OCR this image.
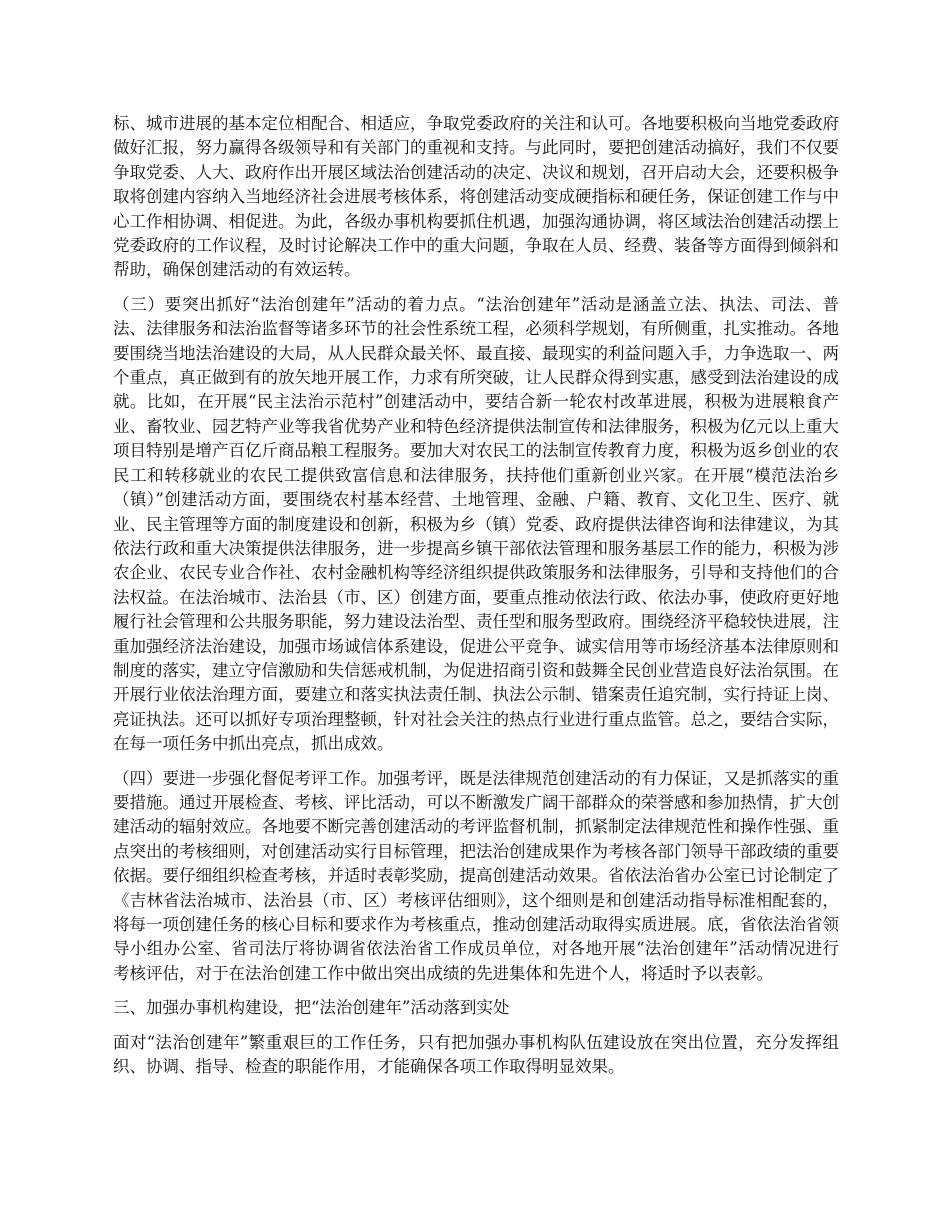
标、城市进展的基本定位相配合、相适应，争取党委政府的关注和认可。各地要积极向当地党委政府做好汇报，努力赢得各级领导和有关部门的重视和支持。与此同时，要把创建活动搞好，我们不仅要争取党委、人大、政府作出开展区域法治创建活动的决定、决议和规划，召开启动大会，还要积极争取将创建内容纳入当地经济社会进展考核体系，将创建活动变成硬指标和硬任务，保证创建工作与中心工作相协调、相促进。为此，各级办事机构要抓住机遇，加强沟通协调，将区域法治创建活动摆上党委政府的工作议程，及时讨论解决工作中的重大问题，争取在人员、经费、装备等方面得到倾斜和帮助，确保创建活动的有效运转。

（三）要突出抓好“法治创建年”活动的着力点。“法治创建年”活动是涵盖立法、执法、司法、普法、法律服务和法治监督等诸多环节的社会性系统工程，必须科学规划，有所侧重，扎实推动。各地要围绕当地法治建设的大局，从人民群众最关怀、最直接、最现实的利益问题入手，力争选取一、两个重点，真正做到有的放矢地开展工作，力求有所突破，让人民群众得到实惠，感受到法治建设的成就。比如，在开展“民主法治示范村”创建活动中，要结合新一轮农村改革进展，积极为进展粮食产业、畜牧业、园艺特产业等我省优势产业和特色经济提供法制宣传和法律服务，积极为亿元以上重大项目特别是增产百亿斤商品粮工程服务。要加大对农民工的法制宣传教育力度，积极为返乡创业的农民工和转移就业的农民工提供致富信息和法律服务，扶持他们重新创业兴家。在开展“模范法治乡（镇）”创建活动方面，要围绕农村基本经营、土地管理、金融、户籍、教育、文化卫生、医疗、就业、民主管理等方面的制度建设和创新，积极为乡（镇）党委、政府提供法律咨询和法律建议，为其依法行政和重大决策提供法律服务，进一步提高乡镇干部依法管理和服务基层工作的能力，积极为涉农企业、农民专业合作社、农村金融机构等经济组织提供政策服务和法律服务，引导和支持他们的合法权益。在法治城市、法治县（市、区）创建方面，要重点推动依法行政、依法办事，使政府更好地履行社会管理和公共服务职能，努力建设法治型、责任型和服务型政府。围绕经济平稳较快进展，注重加强经济法治建设，加强市场诚信体系建设，促进公平竞争、诚实信用等市场经济基本法律原则和制度的落实，建立守信激励和失信惩戒机制，为促进招商引资和鼓舞全民创业营造良好法治氛围。在开展行业依法治理方面，要建立和落实执法责任制、执法公示制、错案责任追究制，实行持证上岗、亮证执法。还可以抓好专项治理整顿，针对社会关注的热点行业进行重点监管。总之，要结合实际，在每一项任务中抓出亮点，抓出成效。

（四）要进一步强化督促考评工作。加强考评，既是法律规范创建活动的有力保证，又是抓落实的重要措施。通过开展检查、考核、评比活动，可以不断激发广阔干部群众的荣誉感和参加热情，扩大创建活动的辐射效应。各地要不断完善创建活动的考评监督机制，抓紧制定法律规范性和操作性强、重点突出的考核细则，对创建活动实行目标管理，把法治创建成果作为考核各部门领导干部政绩的重要依据。要仔细组织检查考核，并适时表彰奖励，提高创建活动效果。省依法治省办公室已讨论制定了《吉林省法治城市、法治县（市、区）考核评估细则》，这个细则是和创建活动指导标准相配套的，将每一项创建任务的核心目标和要求作为考核重点，推动创建活动取得实质进展。底，省依法治省领导小组办公室、省司法厅将协调省依法治省工作成员单位，对各地开展“法治创建年”活动情况进行考核评估，对于在法治创建工作中做出突出成绩的先进集体和先进个人，将适时予以表彰。

三、加强办事机构建设，把“法治创建年”活动落到实处

面对“法治创建年”繁重艰巨的工作任务，只有把加强办事机构队伍建设放在突出位置，充分发挥组织、协调、指导、检查的职能作用，才能确保各项工作取得明显效果。
